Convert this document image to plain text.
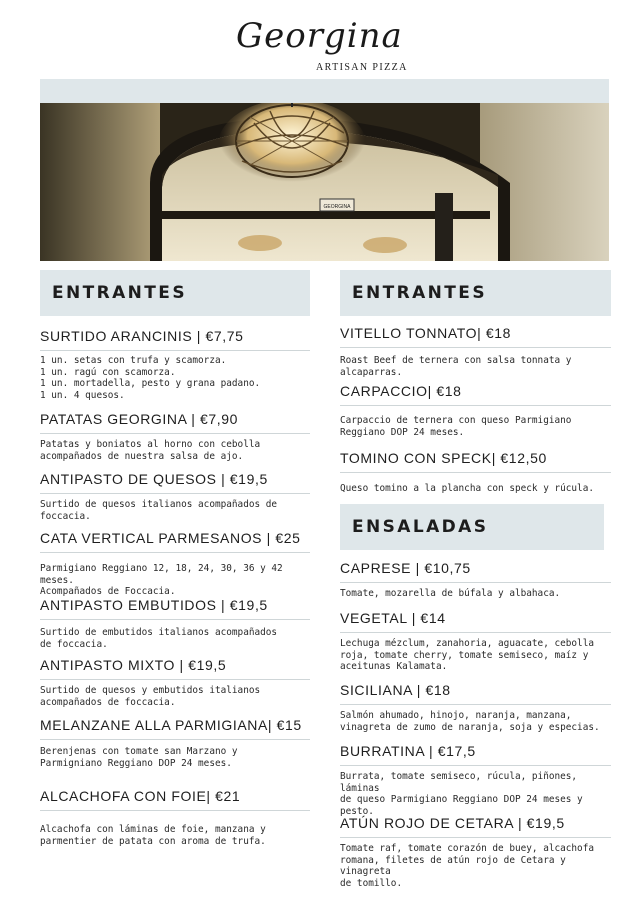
Georgina
ARTISAN PIZZA
GEORGINA
ENTRANTES
SURTIDO ARANCINIS | €7,75
1 un. setas con trufa y scamorza.
1 un. ragú con scamorza.
1 un. mortadella, pesto y grana padano.
1 un. 4 quesos.
PATATAS GEORGINA | €7,90
Patatas y boniatos al horno con cebolla
acompañados de nuestra salsa de ajo.
ANTIPASTO DE QUESOS | €19,5
Surtido de quesos italianos acompañados de
foccacia.
CATA VERTICAL PARMESANOS | €25
Parmigiano Reggiano 12, 18, 24, 30, 36 y 42 meses.
Acompañados de Foccacia.
ANTIPASTO EMBUTIDOS | €19,5
Surtido de embutidos italianos acompañados
de foccacia.
ANTIPASTO MIXTO | €19,5
Surtido de quesos y embutidos italianos
acompañados de foccacia.
MELANZANE ALLA PARMIGIANA| €15
Berenjenas con tomate san Marzano y
Parmigniano Reggiano DOP 24 meses.
ALCACHOFA CON FOIE| €21
Alcachofa con láminas de foie, manzana y
parmentier de patata con aroma de trufa.
ENTRANTES
VITELLO TONNATO| €18
Roast Beef de ternera con salsa tonnata y alcaparras.
CARPACCIO| €18
Carpaccio de ternera con queso Parmigiano
Reggiano DOP 24 meses.
TOMINO CON SPECK| €12,50
Queso tomino a la plancha con speck y rúcula.
ENSALADAS
CAPRESE | €10,75
Tomate, mozarella de búfala y albahaca.
VEGETAL | €14
Lechuga mézclum, zanahoria, aguacate, cebolla
roja, tomate cherry, tomate semiseco, maíz y
aceitunas Kalamata.
SICILIANA | €18
Salmón ahumado, hinojo, naranja, manzana,
vinagreta de zumo de naranja, soja y especias.
BURRATINA | €17,5
Burrata, tomate semiseco, rúcula, piñones, láminas
de queso Parmigiano Reggiano DOP 24 meses y
pesto.
ATÚN ROJO DE CETARA | €19,5
Tomate raf, tomate corazón de buey, alcachofa
romana, filetes de atún rojo de Cetara y vinagreta
de tomillo.
